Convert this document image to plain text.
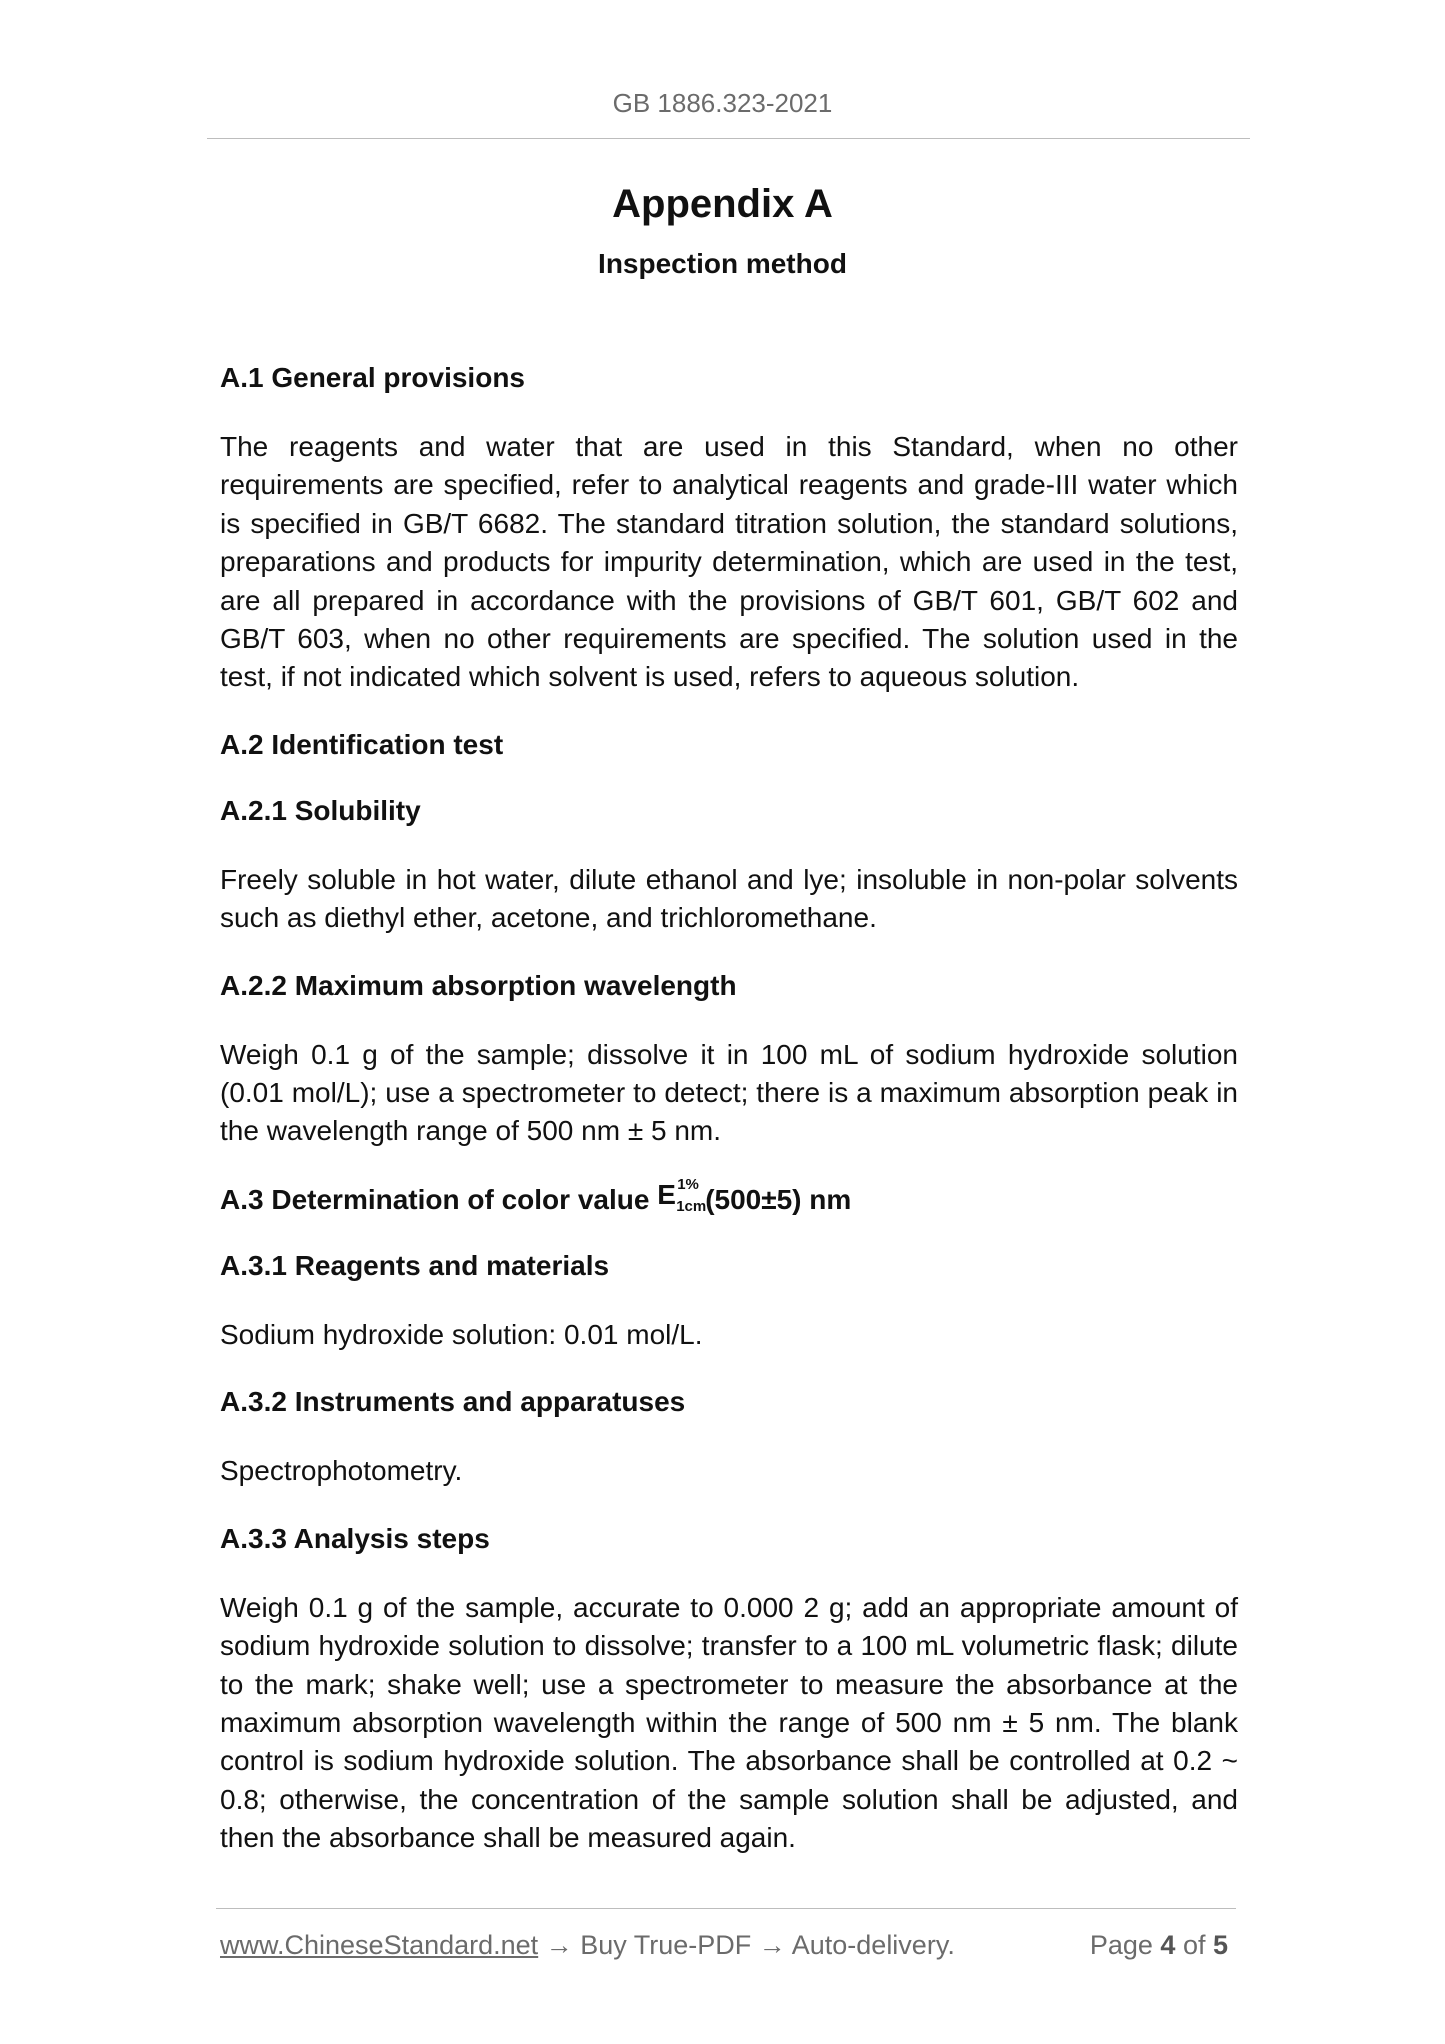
GB 1886.323-2021
Appendix A
Inspection method

A.1 General provisions

The reagents and water that are used in this Standard, when no other requirements are specified, refer to analytical reagents and grade-III water which is specified in GB/T 6682. The standard titration solution, the standard solutions, preparations and products for impurity determination, which are used in the test, are all prepared in accordance with the provisions of GB/T 601, GB/T 602 and GB/T 603, when no other requirements are specified. The solution used in the test, if not indicated which solvent is used, refers to aqueous solution.

A.2 Identification test

A.2.1 Solubility

Freely soluble in hot water, dilute ethanol and lye; insoluble in non-polar solvents such as diethyl ether, acetone, and trichloromethane.

A.2.2 Maximum absorption wavelength

Weigh 0.1 g of the sample; dissolve it in 100 mL of sodium hydroxide solution (0.01 mol/L); use a spectrometer to detect; there is a maximum absorption peak in the wavelength range of 500 nm ± 5 nm.

A.3 Determination of color value E 1%
1cm
(500±5) nm

A.3.1 Reagents and materials

Sodium hydroxide solution: 0.01 mol/L.

A.3.2 Instruments and apparatuses

Spectrophotometry.

A.3.3 Analysis steps

Weigh 0.1 g of the sample, accurate to 0.000 2 g; add an appropriate amount of sodium hydroxide solution to dissolve; transfer to a 100 mL volumetric flask; dilute to the mark; shake well; use a spectrometer to measure the absorbance at the maximum absorption wavelength within the range of 500 nm ± 5 nm. The blank control is sodium hydroxide solution. The absorbance shall be controlled at 0.2 ~ 0.8; otherwise, the concentration of the sample solution shall be adjusted, and then the absorbance shall be measured again.

www.ChineseStandard.net → Buy True-PDF → Auto-delivery.	Page 4 of 5
